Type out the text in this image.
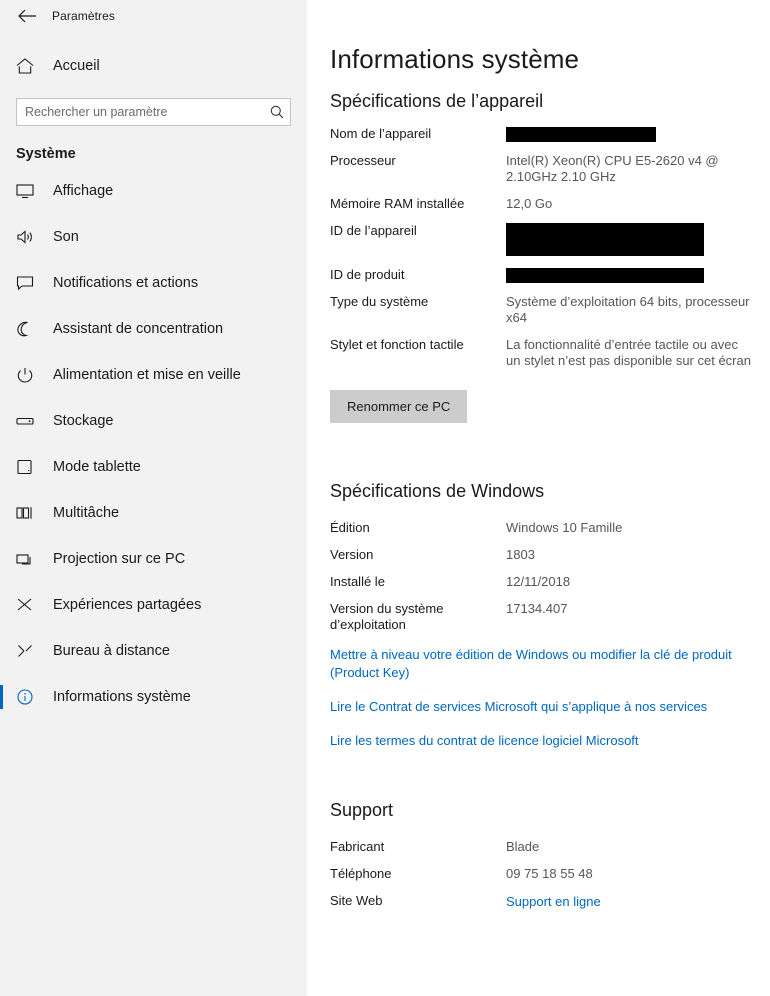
Paramètres
Accueil
Rechercher un paramètre
Système
Affichage
Son
Notifications et actions
Assistant de concentration
Alimentation et mise en veille
Stockage
Mode tablette
Multitâche
Projection sur ce PC
Expériences partagées
Bureau à distance
Informations système
Informations système
Spécifications de l’appareil
Nom de l’appareil	
Processeur	Intel(R) Xeon(R) CPU E5-2620 v4 @ 2.10GHz 2.10 GHz
Mémoire RAM installée	12,0 Go
ID de l’appareil	
ID de produit	
Type du système	Système d’exploitation 64 bits, processeur x64
Stylet et fonction tactile	La fonctionnalité d’entrée tactile ou avec un stylet n’est pas disponible sur cet écran
Renommer ce PC
Spécifications de Windows
Édition	Windows 10 Famille
Version	1803
Installé le	12/11/2018
Version du système d’exploitation	17134.407
Mettre à niveau votre édition de Windows ou modifier la clé de produit (Product Key)
Lire le Contrat de services Microsoft qui s’applique à nos services
Lire les termes du contrat de licence logiciel Microsoft
Support
Fabricant	Blade
Téléphone	09 75 18 55 48
Site Web	Support en ligne
